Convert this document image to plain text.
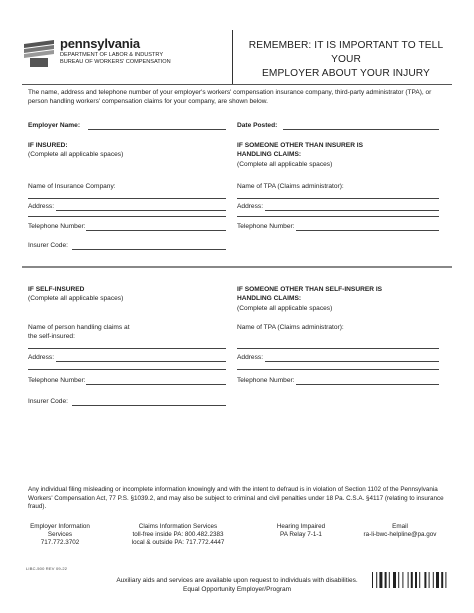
pennsylvania
DEPARTMENT OF LABOR & INDUSTRY
BUREAU OF WORKERS' COMPENSATION
REMEMBER: IT IS IMPORTANT TO TELL YOUR
EMPLOYER ABOUT YOUR INJURY
The name, address and telephone number of your employer's workers' compensation insurance company, third-party administrator (TPA), or person handling workers' compensation claims for your company, are shown below.
Employer Name:	Date Posted:
IF INSURED:
(Complete all applicable spaces)
Name of Insurance Company:
Address:
Telephone Number:
Insurer Code:
IF SOMEONE OTHER THAN INSURER IS
HANDLING CLAIMS:
(Complete all applicable spaces)
Name of TPA (Claims administrator):
Address:
Telephone Number:
IF SELF-INSURED
(Complete all applicable spaces)
Name of person handling claims at
the self-insured:
Address:
Telephone Number:
Insurer Code:
IF SOMEONE OTHER THAN SELF-INSURER IS
HANDLING CLAIMS:
(Complete all applicable spaces)
Name of TPA (Claims administrator):
Address:
Telephone Number:
Any individual filing misleading or incomplete information knowingly and with the intent to defraud is in violation of Section 1102 of the Pennsylvania Workers' Compensation Act, 77 P.S. §1039.2, and may also be subject to criminal and civil penalties under 18 Pa. C.S.A. §4117 (relating to insurance fraud).
Employer Information
Services
717.772.3702
Claims Information Services
toll-free inside PA: 800.482.2383
local & outside PA: 717.772.4447
Hearing Impaired
PA Relay 7-1-1
Email
ra-li-bwc-helpline@pa.gov
LIBC-500 REV 09-22
Auxiliary aids and services are available upon request to individuals with disabilities.
Equal Opportunity Employer/Program
